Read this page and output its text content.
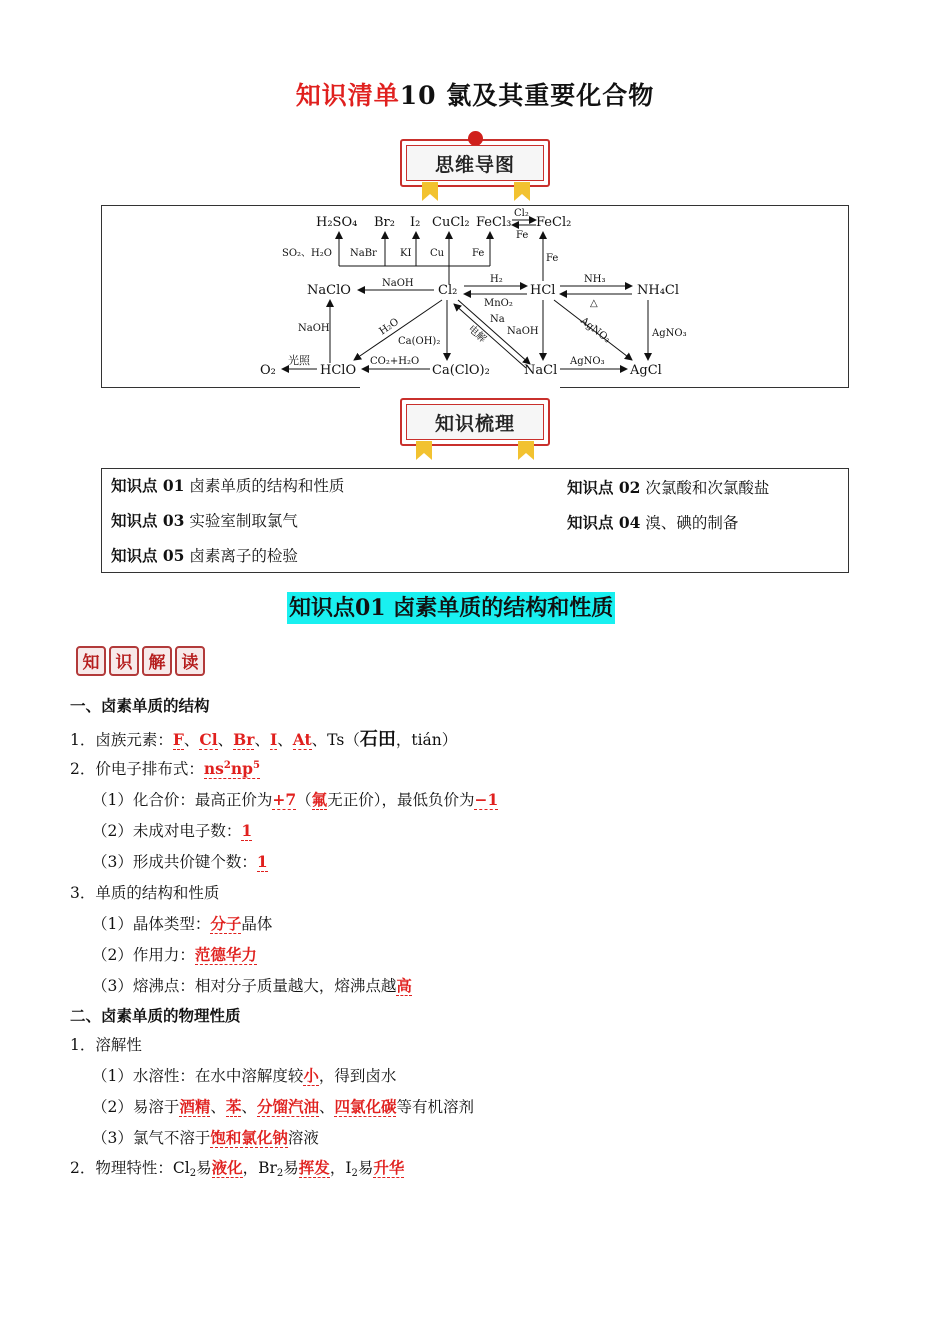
知识清单10 氯及其重要化合物
思维导图
H₂SO₄ Br₂ I₂ CuCl₂ FeCl₃ FeCl₂
Cl₂
Fe
SO₂、H₂O NaBr KI Cu	Fe	Fe
NaClO	Cl₂	HCl	NH₄Cl
NaOH	H₂
MnO₂
NH₃
△
NaOH	H₂O
Ca(OH)₂	电解
Na
NaOH	AgNO₃	AgNO₃
O₂	HClO	Ca(ClO)₂	NaCl	AgCl
光照	CO₂+H₂O	AgNO₃
知识梳理
知识点 01 卤素单质的结构和性质	知识点 02 次氯酸和次氯酸盐
知识点 03 实验室制取氯气	知识点 04 溴、碘的制备
知识点 05 卤素离子的检验
知识点01 卤素单质的结构和性质
知 识 解 读
一、卤素单质的结构
1．卤族元素：F、Cl、Br、I、At、Ts（石田，tián）
2．价电子排布式：$ns^2np^5$
（1）化合价：最高正价为+7（氟无正价），最低负价为−1
（2）未成对电子数：1
（3）形成共价键个数：1
3．单质的结构和性质
（1）晶体类型：分子晶体
（2）作用力：范德华力
（3）熔沸点：相对分子质量越大，熔沸点越高
二、卤素单质的物理性质
1．溶解性
（1）水溶性：在水中溶解度较小，得到卤水
（2）易溶于酒精、苯、分馏汽油、四氯化碳等有机溶剂
（3）氯气不溶于饱和氯化钠溶液
2．物理特性：$Cl_2$易液化，$Br_2$易挥发，$I_2$易升华
